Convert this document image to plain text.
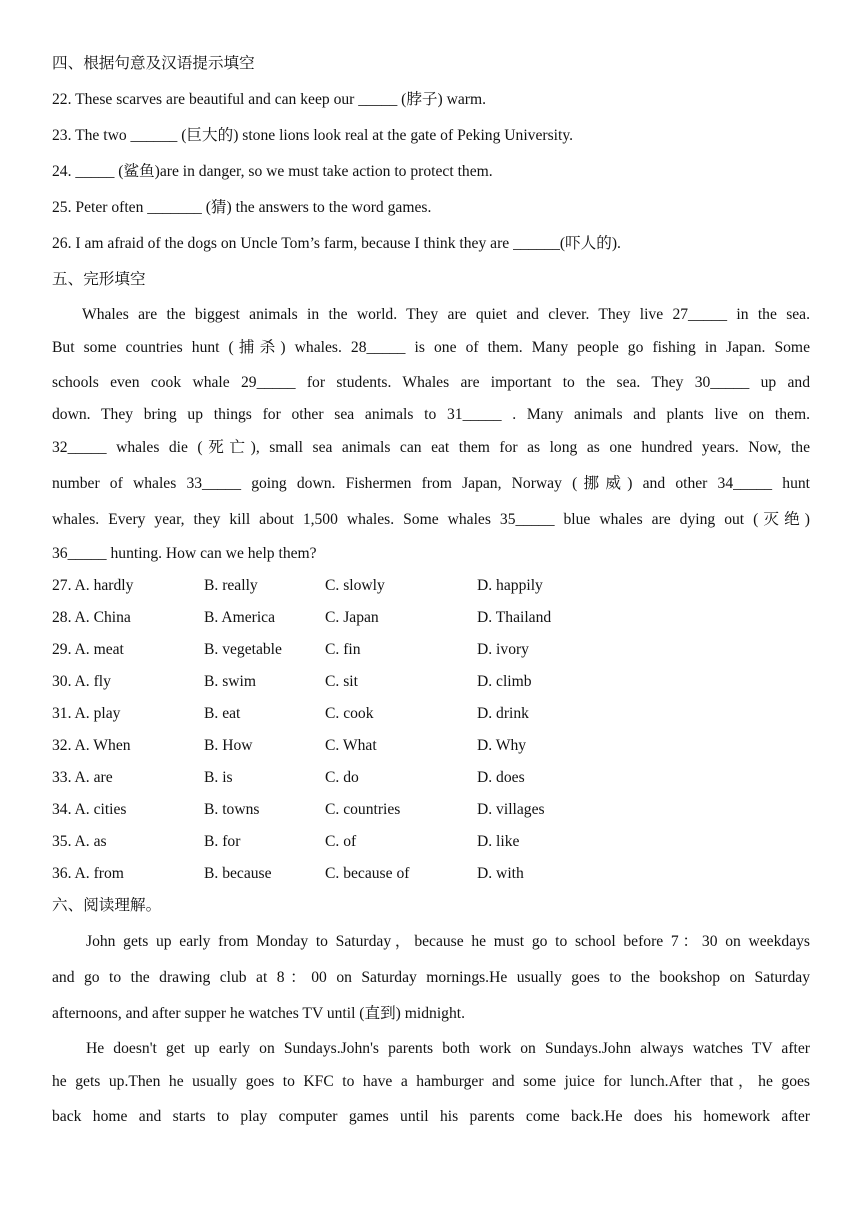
四、根据句意及汉语提示填空
22. These scarves are beautiful and can keep our _____ (脖子) warm.
23. The two ______ (巨大的) stone lions look real at the gate of Peking University.
24. _____ (鲨鱼)are in danger, so we must take action to protect them.
25. Peter often _______ (猜) the answers to the word games.
26. I am afraid of the dogs on Uncle Tom’s farm, because I think they are ______(吓人的).
五、完形填空
Whales are the biggest animals in the world. They are quiet and clever. They live 27_____ in the sea.
But some countries hunt (捕杀) whales. 28_____ is one of them. Many people go fishing in Japan. Some
schools even cook whale 29_____ for students. Whales are important to the sea. They 30_____ up and
down. They bring up things for other sea animals to 31_____ . Many animals and plants live on them.
32_____ whales die (死亡), small sea animals can eat them for as long as one hundred years. Now, the
number of whales 33_____ going down. Fishermen from Japan, Norway (挪威) and other 34_____ hunt
whales. Every year, they kill about 1,500 whales. Some whales 35_____ blue whales are dying out (灭绝)
36_____ hunting. How can we help them?
27. A. hardly	B. really	C. slowly	D. happily
28. A. China	B. America	C. Japan	D. Thailand
29. A. meat	B. vegetable	C. fin	D. ivory
30. A. fly	B. swim	C. sit	D. climb
31. A. play	B. eat	C. cook	D. drink
32. A. When	B. How	C. What	D. Why
33. A. are	B. is	C. do	D. does
34. A. cities	B. towns	C. countries	D. villages
35. A. as	B. for	C. of	D. like
36. A. from	B. because	C. because of	D. with
六、阅读理解。
John gets up early from Monday to Saturday，because he must go to school before 7：30 on weekdays
and go to the drawing club at 8：00 on Saturday mornings.He usually goes to the bookshop on Saturday
afternoons, and after supper he watches TV until (直到) midnight.
He doesn't get up early on Sundays.John's parents both work on Sundays.John always watches TV after
he gets up.Then he usually goes to KFC to have a hamburger and some juice for lunch.After that，he goes
back home and starts to play computer games until his parents come back.He does his homework after
